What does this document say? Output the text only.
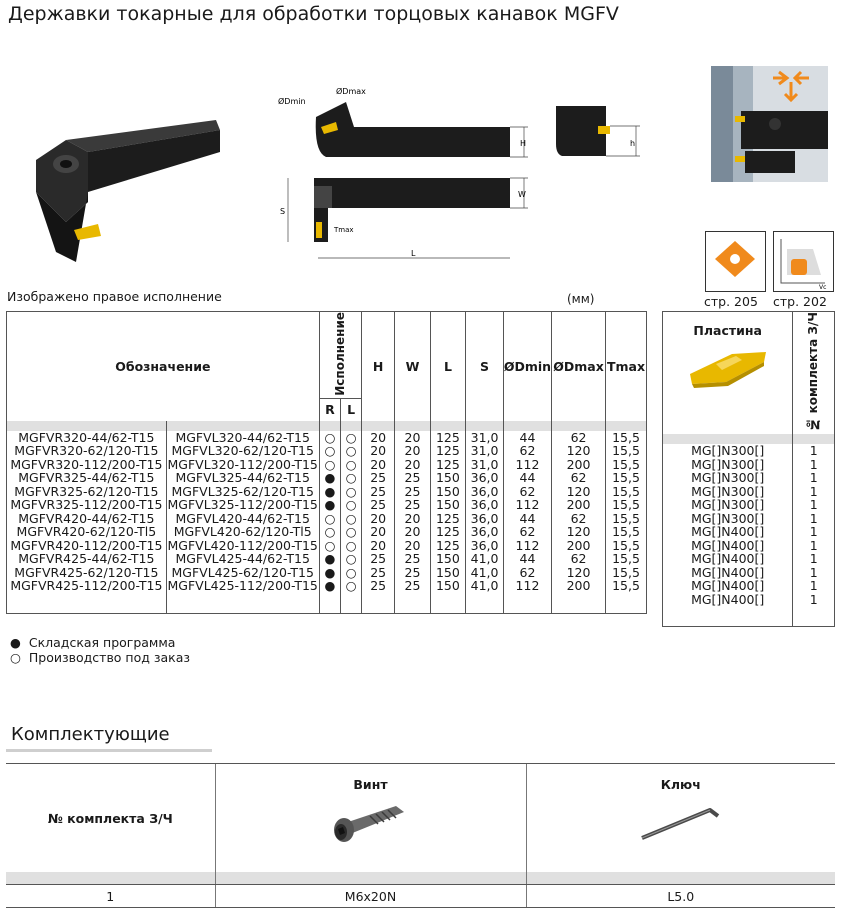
Державки токарные для обработки торцовых канавок MGFV
H
ØDmin
ØDmax
W
S
Tmax
L
h
Vc
стр. 205 стр. 202
Изображено правое исполнение	(мм)
Обозначение		Исполнение		H	W	L	S	ØDmin	ØDmax	Tmax
		R	L							

MGFVR320-44/62-T15	MGFVL320-44/62-T15	○	○	20	20	125	31,0	44	62	15,5
MGFVR320-62/120-T15	MGFVL320-62/120-T15	○	○	20	20	125	31,0	62	120	15,5
MGFVR320-112/200-T15	MGFVL320-112/200-T15	○	○	20	20	125	31,0	112	200	15,5
MGFVR325-44/62-T15	MGFVL325-44/62-T15	●	○	25	25	150	36,0	44	62	15,5
MGFVR325-62/120-T15	MGFVL325-62/120-T15	●	○	25	25	150	36,0	62	120	15,5
MGFVR325-112/200-T15	MGFVL325-112/200-T15	●	○	25	25	150	36,0	112	200	15,5
MGFVR420-44/62-T15	MGFVL420-44/62-T15	○	○	20	20	125	36,0	44	62	15,5
MGFVR420-62/120-Tl5	MGFVL420-62/120-Tl5	○	○	20	20	125	36,0	62	120	15,5
MGFVR420-112/200-T15	MGFVL420-112/200-T15	○	○	20	20	125	36,0	112	200	15,5
MGFVR425-44/62-T15	MGFVL425-44/62-T15	●	○	25	25	150	41,0	44	62	15,5
MGFVR425-62/120-T15	MGFVL425-62/120-T15	●	○	25	25	150	41,0	62	120	15,5
MGFVR425-112/200-T15	MGFVL425-112/200-T15	●	○	25	25	150	41,0	112	200	15,5

Пластина	№ комплекта З/Ч

MG[]N300[]	1
MG[]N300[]	1
MG[]N300[]	1
MG[]N300[]	1
MG[]N300[]	1
MG[]N300[]	1
MG[]N400[]	1
MG[]N400[]	1
MG[]N400[]	1
MG[]N400[]	1
MG[]N400[]	1
MG[]N400[]	1

● Складская программа
○ Производство под заказ
Комплектующие
№ комплекта З/Ч	Винт	Ключ

1	M6x20N	L5.0
